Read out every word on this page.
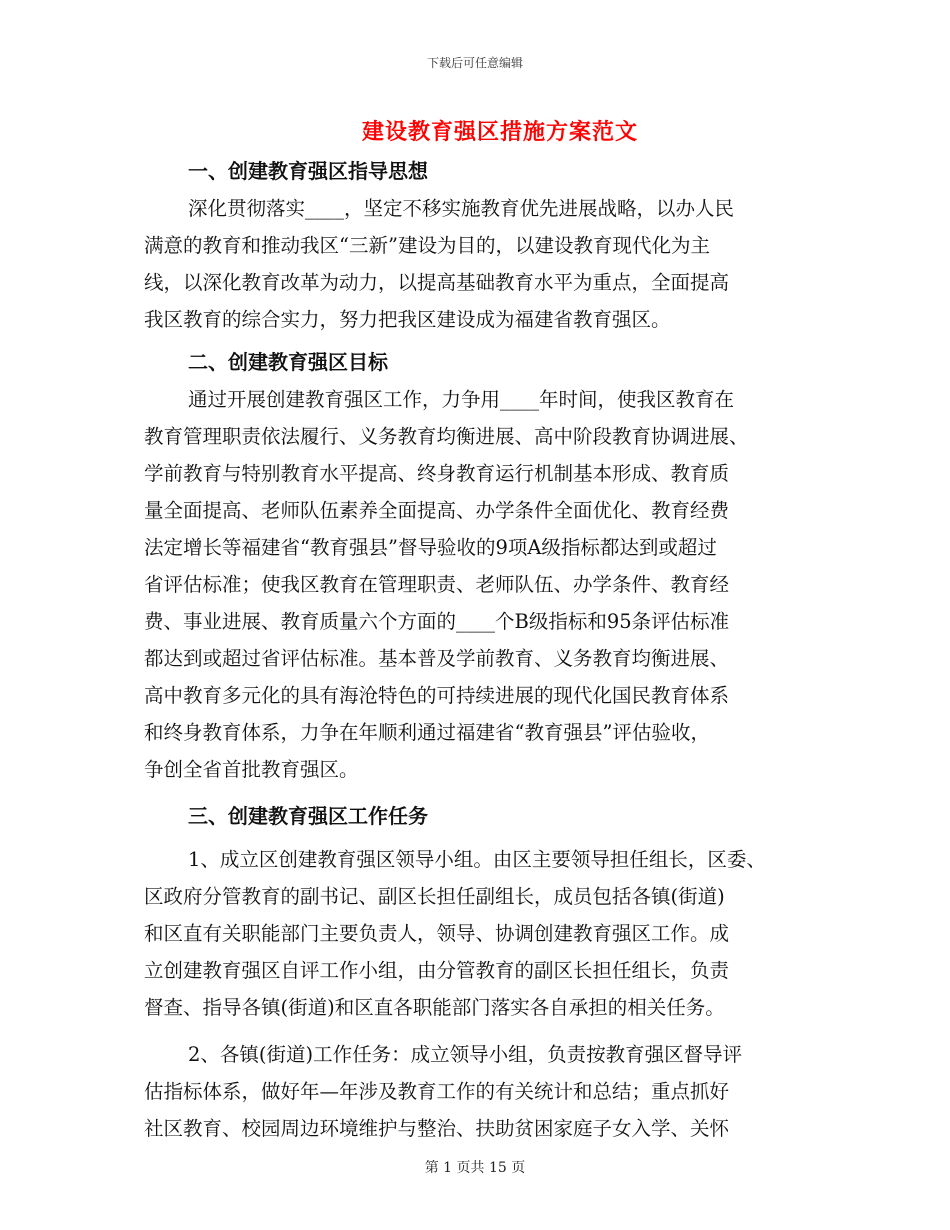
下载后可任意编辑
建设教育强区措施方案范文
一、创建教育强区指导思想
深化贯彻落实____，坚定不移实施教育优先进展战略，以办人民
满意的教育和推动我区“三新”建设为目的，以建设教育现代化为主
线，以深化教育改革为动力，以提高基础教育水平为重点，全面提高
我区教育的综合实力，努力把我区建设成为福建省教育强区。
二、创建教育强区目标
通过开展创建教育强区工作，力争用____年时间，使我区教育在
教育管理职责依法履行、义务教育均衡进展、高中阶段教育协调进展、
学前教育与特别教育水平提高、终身教育运行机制基本形成、教育质
量全面提高、老师队伍素养全面提高、办学条件全面优化、教育经费
法定增长等福建省“教育强县”督导验收的9项A级指标都达到或超过
省评估标准；使我区教育在管理职责、老师队伍、办学条件、教育经
费、事业进展、教育质量六个方面的____个B级指标和95条评估标准
都达到或超过省评估标准。基本普及学前教育、义务教育均衡进展、
高中教育多元化的具有海沧特色的可持续进展的现代化国民教育体系
和终身教育体系，力争在年顺利通过福建省“教育强县”评估验收，
争创全省首批教育强区。
三、创建教育强区工作任务
1、成立区创建教育强区领导小组。由区主要领导担任组长，区委、
区政府分管教育的副书记、副区长担任副组长，成员包括各镇(街道)
和区直有关职能部门主要负责人，领导、协调创建教育强区工作。成
立创建教育强区自评工作小组，由分管教育的副区长担任组长，负责
督查、指导各镇(街道)和区直各职能部门落实各自承担的相关任务。
2、各镇(街道)工作任务：成立领导小组，负责按教育强区督导评
估指标体系，做好年—年涉及教育工作的有关统计和总结；重点抓好
社区教育、校园周边环境维护与整治、扶助贫困家庭子女入学、关怀
第 1 页共 15 页
